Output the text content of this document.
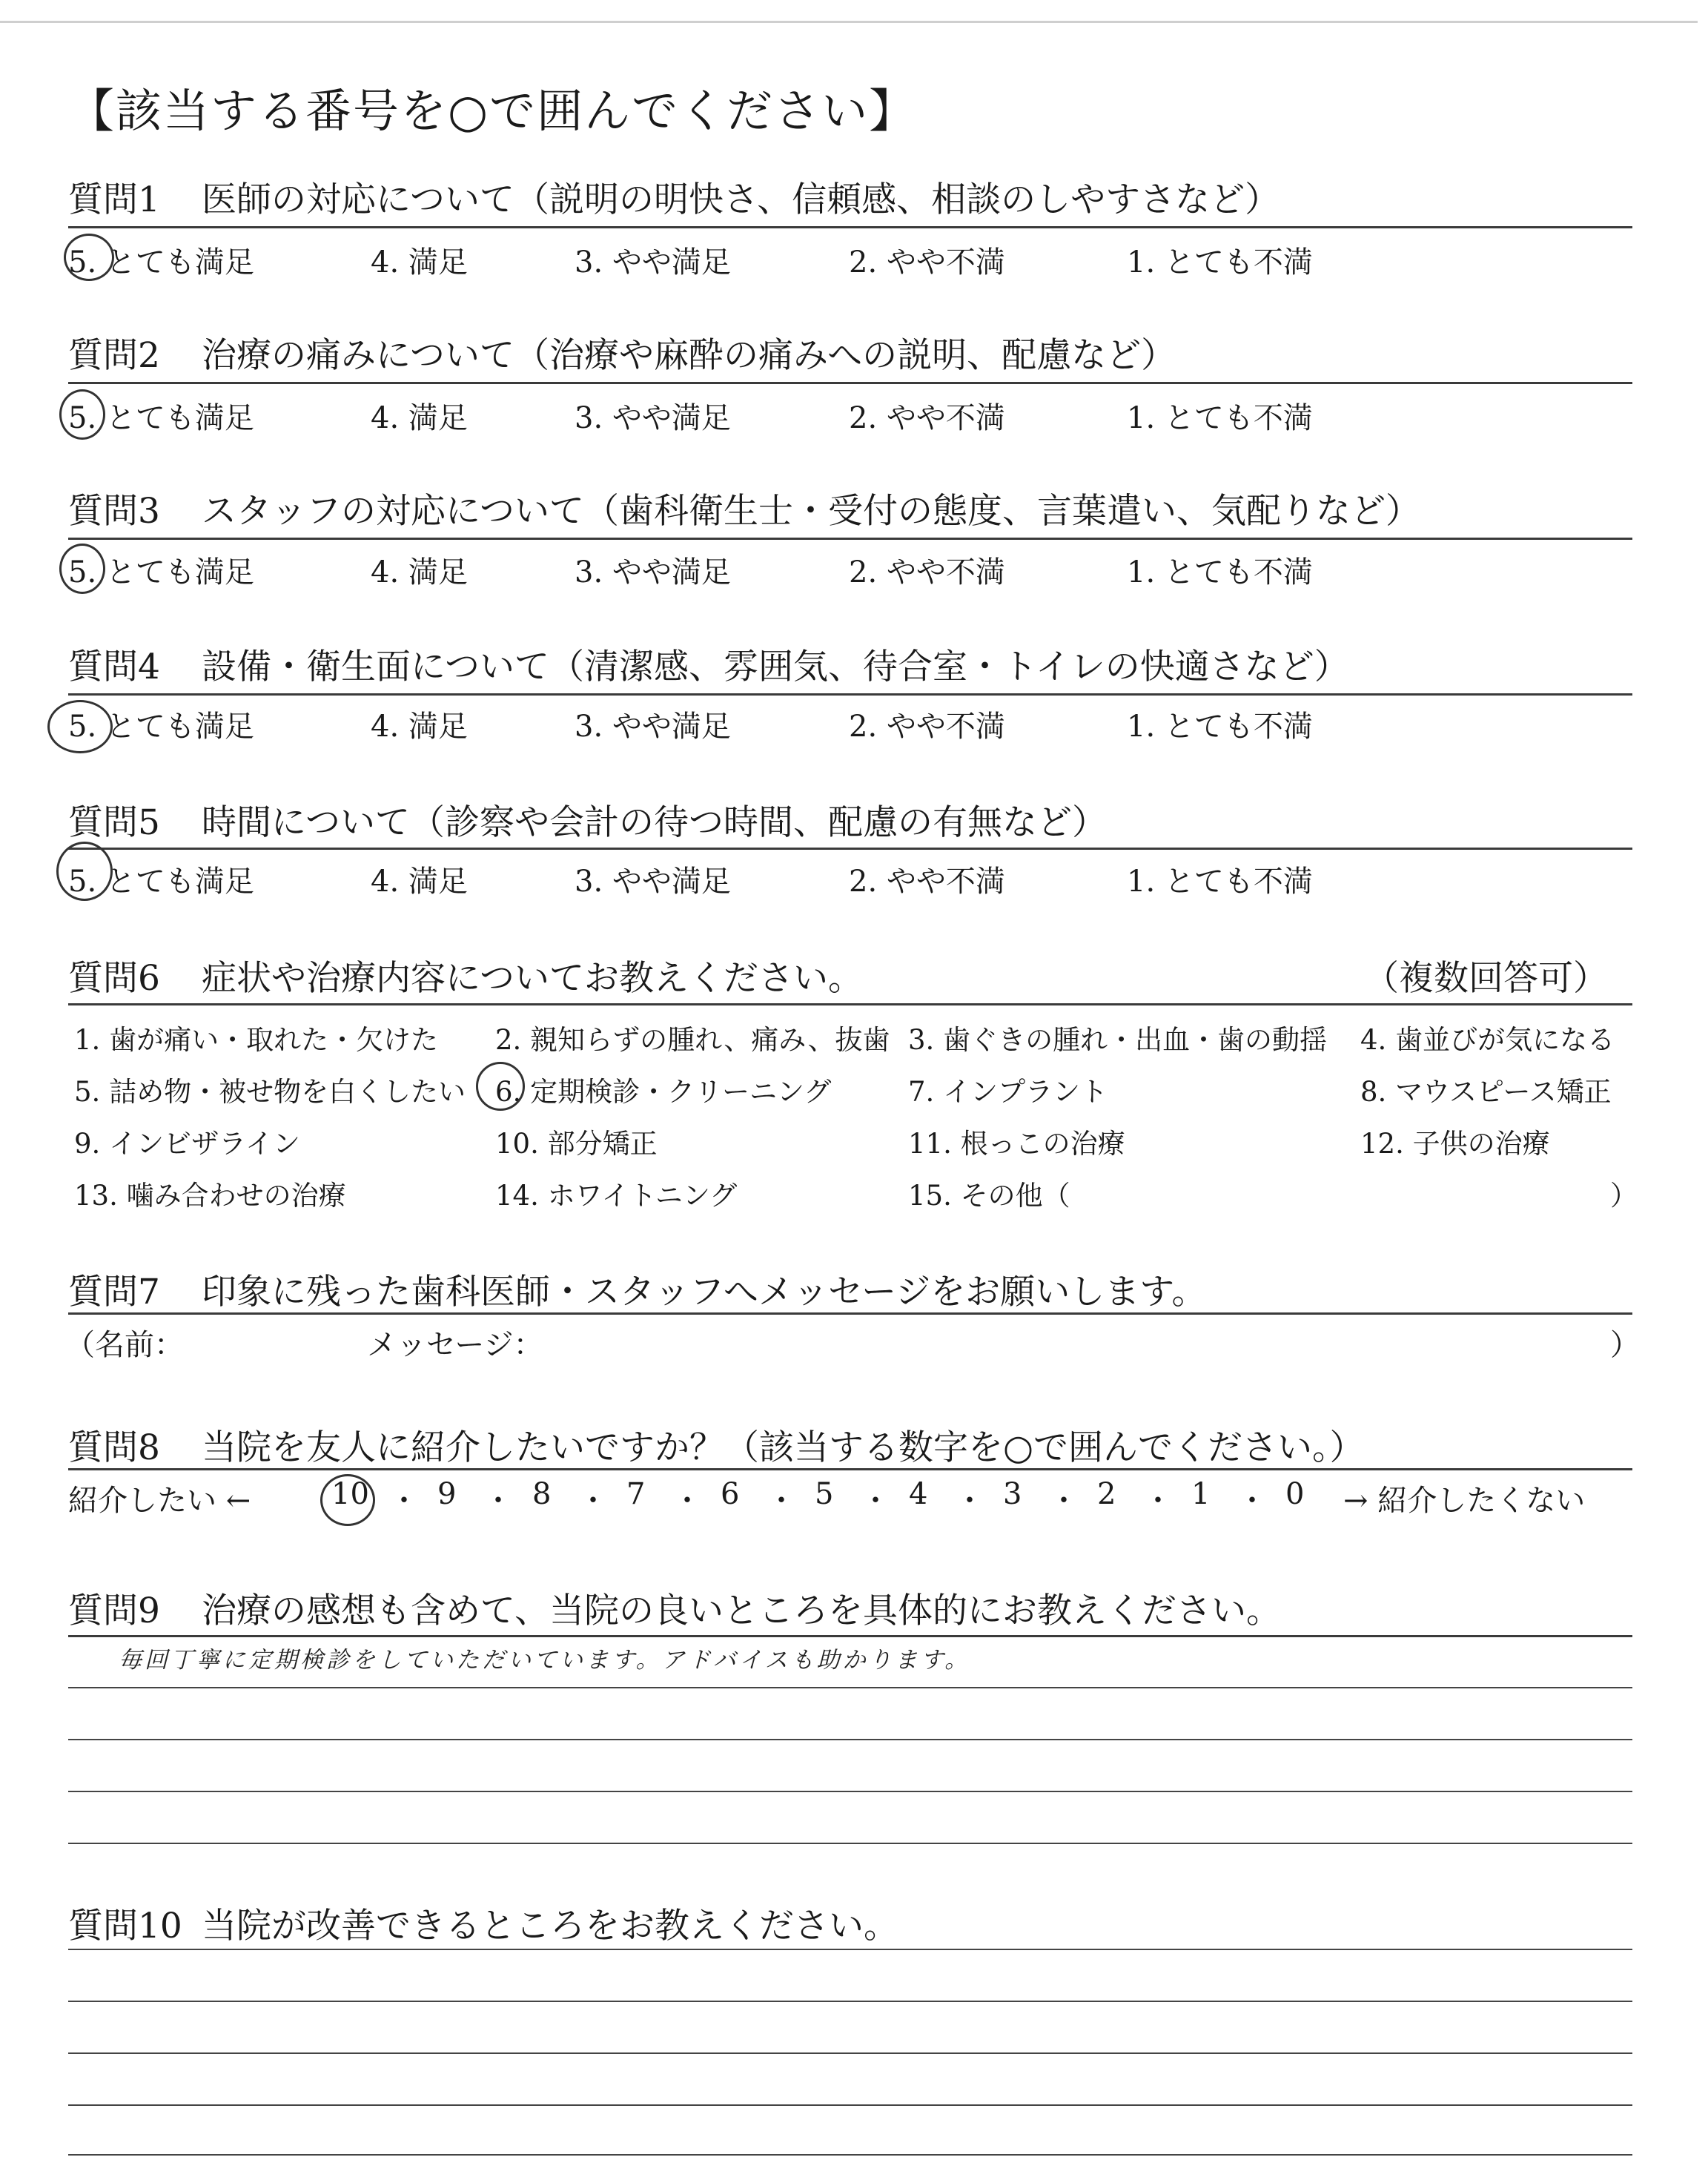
【該当する番号を○で囲んでください】
質問1 医師の対応について（説明の明快さ、信頼感、相談のしやすさなど）
5. とても満足	4. 満足	3. やや満足	2. やや不満	1. とても不満
質問2 治療の痛みについて（治療や麻酔の痛みへの説明、配慮など）
5. とても満足	4. 満足	3. やや満足	2. やや不満	1. とても不満
質問3 スタッフの対応について（歯科衛生士・受付の態度、言葉遣い、気配りなど）
5. とても満足	4. 満足	3. やや満足	2. やや不満	1. とても不満
質問4 設備・衛生面について（清潔感、雰囲気、待合室・トイレの快適さなど）
5. とても満足	4. 満足	3. やや満足	2. やや不満	1. とても不満
質問5 時間について（診察や会計の待つ時間、配慮の有無など）
5. とても満足	4. 満足	3. やや満足	2. やや不満	1. とても不満
質問6 症状や治療内容についてお教えください。	（複数回答可）
1. 歯が痛い・取れた・欠けた 2. 親知らずの腫れ、痛み、抜歯 3. 歯ぐきの腫れ・出血・歯の動揺 4. 歯並びが気になる
5. 詰め物・被せ物を白くしたい 6. 定期検診・クリーニング	7. インプラント	8. マウスピース矯正
9. インビザライン	10. 部分矯正	11. 根っこの治療	12. 子供の治療
13. 噛み合わせの治療	14. ホワイトニング	15. その他（	）
質問7 印象に残った歯科医師・スタッフへメッセージをお願いします。
（名前：	メッセージ：	）
質問8 当院を友人に紹介したいですか？（該当する数字を○で囲んでください。）
紹介したい ←	→ 紹介したくない
10 ・ 9 ・ 8 ・ 7 ・ 6 ・ 5 ・ 4 ・ 3 ・ 2 ・ 1 ・ 0
質問9 治療の感想も含めて、当院の良いところを具体的にお教えください。
毎回丁寧に定期検診をしていただいています。アドバイスも助かります。
質問10 当院が改善できるところをお教えください。
